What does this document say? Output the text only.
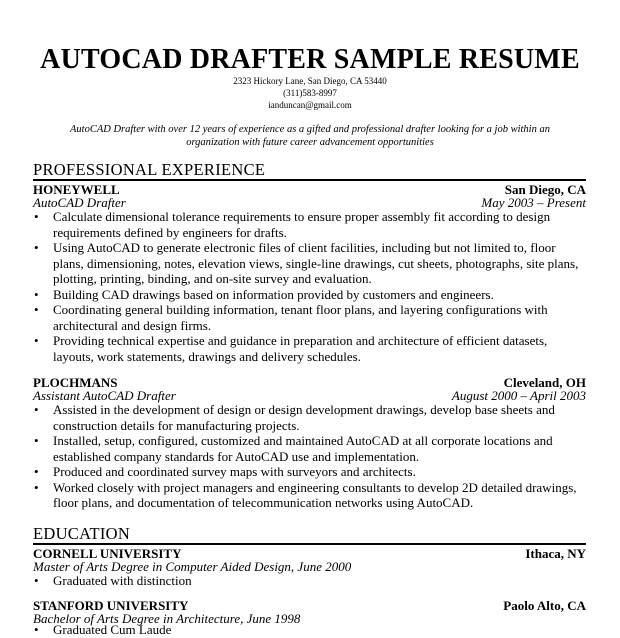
AUTOCAD DRAFTER SAMPLE RESUME
2323 Hickory Lane, San Diego, CA 53440
(311)583-8997
ianduncan@gmail.com
AutoCAD Drafter with over 12 years of experience as a gifted and professional drafter looking for a job within an organization with future career advancement opportunities
PROFESSIONAL EXPERIENCE
HONEYWELL	San Diego, CA
AutoCAD Drafter	May 2003 – Present
• Calculate dimensional tolerance requirements to ensure proper assembly fit according to design requirements defined by engineers for drafts.
• Using AutoCAD to generate electronic files of client facilities, including but not limited to, floor plans, dimensioning, notes, elevation views, single-line drawings, cut sheets, photographs, site plans, plotting, printing, binding, and on-site survey and evaluation.
• Building CAD drawings based on information provided by customers and engineers.
• Coordinating general building information, tenant floor plans, and layering configurations with architectural and design firms.
• Providing technical expertise and guidance in preparation and architecture of efficient datasets, layouts, work statements, drawings and delivery schedules.
PLOCHMANS	Cleveland, OH
Assistant AutoCAD Drafter	August 2000 – April 2003
• Assisted in the development of design or design development drawings, develop base sheets and construction details for manufacturing projects.
• Installed, setup, configured, customized and maintained AutoCAD at all corporate locations and established company standards for AutoCAD use and implementation.
• Produced and coordinated survey maps with surveyors and architects.
• Worked closely with project managers and engineering consultants to develop 2D detailed drawings, floor plans, and documentation of telecommunication networks using AutoCAD.
EDUCATION
CORNELL UNIVERSITY	Ithaca, NY
Master of Arts Degree in Computer Aided Design, June 2000
• Graduated with distinction
STANFORD UNIVERSITY	Paolo Alto, CA
Bachelor of Arts Degree in Architecture, June 1998
• Graduated Cum Laude
